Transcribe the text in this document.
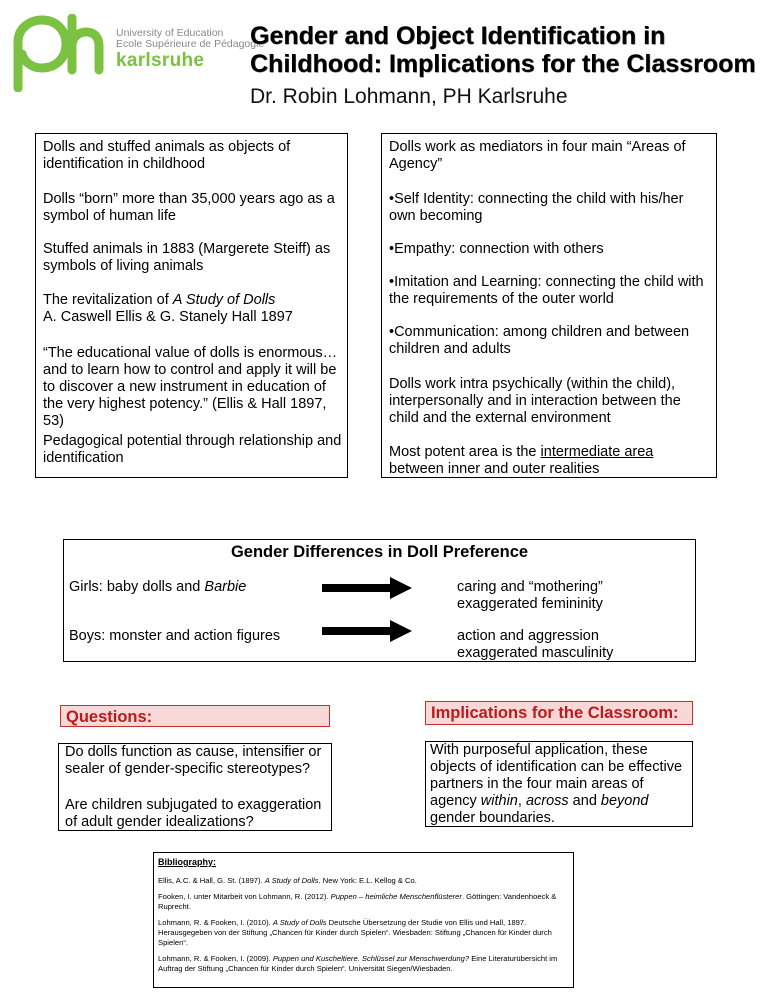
University of Education
Ecole Supérieure de Pédagogie
karlsruhe
Gender and Object Identification in Childhood: Implications for the Classroom
Dr. Robin Lohmann, PH Karlsruhe

Dolls and stuffed animals as objects of identification in childhood

Dolls “born” more than 35,000 years ago as a symbol of human life

Stuffed animals in 1883 (Margerete Steiff) as symbols of living animals

The revitalization of A Study of Dolls
A. Caswell Ellis & G. Stanely Hall 1897

“The educational value of dolls is enormous…and to learn how to control and apply it will be to discover a new instrument in education of the very highest potency.” (Ellis & Hall 1897, 53)

Pedagogical potential through relationship and identification

Dolls work as mediators in four main “Areas of Agency”

•Self Identity: connecting the child with his/her own becoming

•Empathy: connection with others

•Imitation and Learning: connecting the child with the requirements of the outer world

•Communication: among children and between children and adults

Dolls work intra psychically (within the child), interpersonally and in interaction between the child and the external environment

Most potent area is the intermediate area between inner and outer realities

Gender Differences in Doll Preference
Girls: baby dolls and Barbie	caring and “mothering”
exaggerated femininity
Boys: monster and action figures	action and aggression
exaggerated masculinity
Questions:

Do dolls function as cause, intensifier or sealer of gender-specific stereotypes?

Are children subjugated to exaggeration of adult gender idealizations?

Implications for the Classroom:
With purposeful application, these objects of identification can be effective partners in the four main areas of agency within, across and beyond gender boundaries.
Bibliography:
Ellis, A.C. & Hall, G. St. (1897). A Study of Dolls. New York: E.L. Kellog & Co.
Fooken, I. unter Mitarbeit von Lohmann, R. (2012). Puppen – heimliche Menschenflüsterer. Göttingen: Vandenhoeck & Ruprecht.
Lohmann, R. & Fooken, I. (2010). A Study of Dolls Deutsche Übersetzung der Studie von Ellis und Hall, 1897. Herausgegeben von der Stiftung „Chancen für Kinder durch Spielen“. Wiesbaden: Stiftung „Chancen für Kinder durch Spielen“.
Lohmann, R. & Fooken, I. (2009). Puppen und Kuscheltiere. Schlüssel zur Menschwerdung? Eine Literaturübersicht im Auftrag der Stiftung „Chancen für Kinder durch Spielen“. Universität Siegen/Wiesbaden.
